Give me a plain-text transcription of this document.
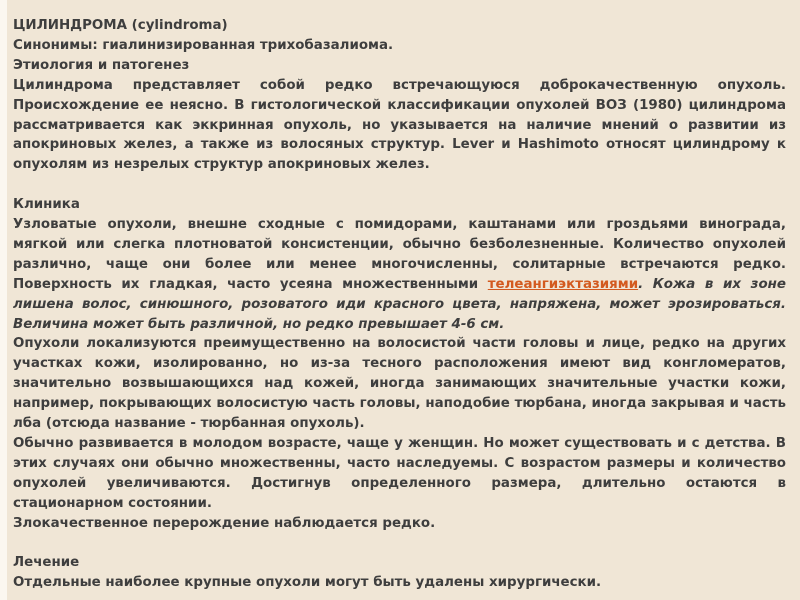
ЦИЛИНДРОМА (cylindroma)

Синонимы: гиалинизированная трихобазалиома.

Этиология и патогенез

Цилиндрома представляет собой редко встречающуюся доброкачественную опухоль. Происхождение ее неясно. В гистологической классификации опухолей ВОЗ (1980) цилиндрома рассматривается как эккринная опухоль, но указывается на наличие мнений о развитии из апокриновых желез, а также из волосяных структур. Lever и Hashimoto относят цилиндрому к опухолям из незрелых структур апокриновых желез.

Клиника

Узловатые опухоли, внешне сходные с помидорами, каштанами или гроздьями винограда, мягкой или слегка плотноватой консистенции, обычно безболезненные. Количество опухолей различно, чаще они более или менее многочисленны, солитарные встречаются редко. Поверхность их гладкая, часто усеяна множественными телеангиэктазиями. Кожа в их зоне лишена волос, синюшного, розоватого иди красного цвета, напряжена, может эрозироваться. Величина может быть различной, но редко превышает 4-6 см.

Опухоли локализуются преимущественно на волосистой части головы и лице, редко на других участках кожи, изолированно, но из-за тесного расположения имеют вид конгломератов, значительно возвышающихся над кожей, иногда занимающих значительные участки кожи, например, покрывающих волосистую часть головы, наподобие тюрбана, иногда закрывая и часть лба (отсюда название - тюрбанная опухоль).

Обычно развивается в молодом возрасте, чаще у женщин. Но может существовать и с детства. В этих случаях они обычно множественны, часто наследуемы. С возрастом размеры и количество опухолей увеличиваются. Достигнув определенного размера, длительно остаются в стационарном состоянии.

Злокачественное перерождение наблюдается редко.

Лечение

Отдельные наиболее крупные опухоли могут быть удалены хирургически.
